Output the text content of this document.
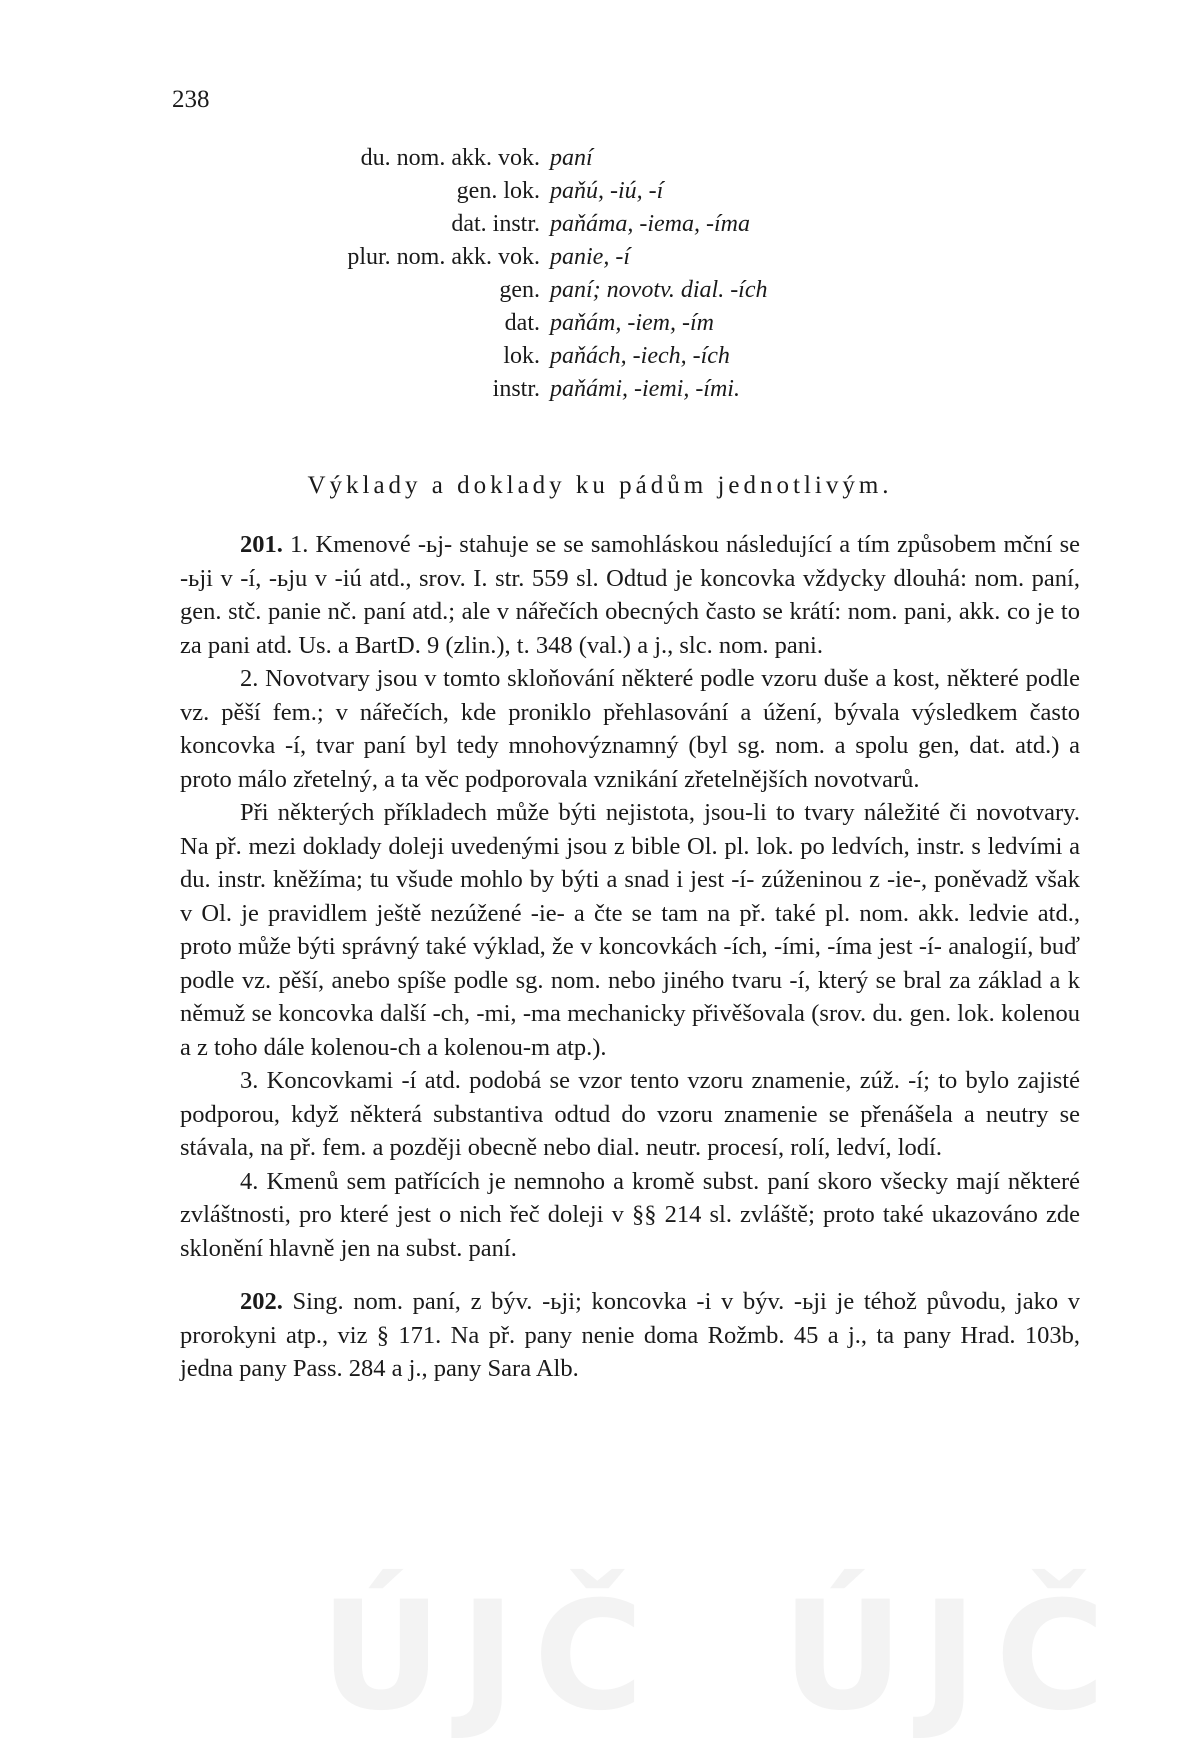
238
du. nom. akk. vok. paní
gen. lok. paňú, -iú, -í
dat. instr. paňáma, -iema, -íma
plur. nom. akk. vok. panie, -í
gen. paní; novotv. dial. -ích
dat. paňám, -iem, -ím
lok. paňách, -iech, -ích
instr. paňámi, -iemi, -ími.
Výklady a doklady ku pádům jednotlivým.

201. 1. Kmenové -ьj- stahuje se se samohláskou následující a tím způsobem mční se -ьji v -í, -ьju v -iú atd., srov. I. str. 559 sl. Odtud je koncovka vždycky dlouhá: nom. paní, gen. stč. panie nč. paní atd.; ale v nářečích obecných často se krátí: nom. pani, akk. co je to za pani atd. Us. a BartD. 9 (zlin.), t. 348 (val.) a j., slc. nom. pani.

2. Novotvary jsou v tomto skloňování některé podle vzoru duše a kost, některé podle vz. pěší fem.; v nářečích, kde proniklo přehlasování a úžení, bývala výsledkem často koncovka -í, tvar paní byl tedy mnohovýznamný (byl sg. nom. a spolu gen, dat. atd.) a proto málo zřetelný, a ta věc podporovala vznikání zřetelnějších novotvarů.

Při některých příkladech může býti nejistota, jsou-li to tvary náležité či novotvary. Na př. mezi doklady doleji uvedenými jsou z bible Ol. pl. lok. po ledvích, instr. s ledvími a du. instr. kněžíma; tu všude mohlo by býti a snad i jest -í- zúženinou z -ie-, poněvadž však v Ol. je pravidlem ještě nezúžené -ie- a čte se tam na př. také pl. nom. akk. ledvie atd., proto může býti správný také výklad, že v koncovkách -ích, -ími, -íma jest -í- analogií, buď podle vz. pěší, anebo spíše podle sg. nom. nebo jiného tvaru -í, který se bral za základ a k němuž se koncovka další -ch, -mi, -ma mechanicky přivěšovala (srov. du. gen. lok. kolenou a z toho dále kolenou-ch a kolenou-m atp.).

3. Koncovkami -í atd. podobá se vzor tento vzoru znamenie, zúž. -í; to bylo zajisté podporou, když některá substantiva odtud do vzoru znamenie se přenášela a neutry se stávala, na př. fem. a později obecně nebo dial. neutr. procesí, rolí, ledví, lodí.

4. Kmenů sem patřících je nemnoho a kromě subst. paní skoro všecky mají některé zvláštnosti, pro které jest o nich řeč doleji v §§ 214 sl. zvláště; proto také ukazováno zde sklonění hlavně jen na subst. paní.

202. Sing. nom. paní, z býv. -ьji; koncovka -i v býv. -ьji je téhož původu, jako v prorokyni atp., viz § 171. Na př. pany nenie doma Rožmb. 45 a j., ta pany Hrad. 103b, jedna pany Pass. 284 a j., pany Sara Alb.

ÚJČ ÚJČ
